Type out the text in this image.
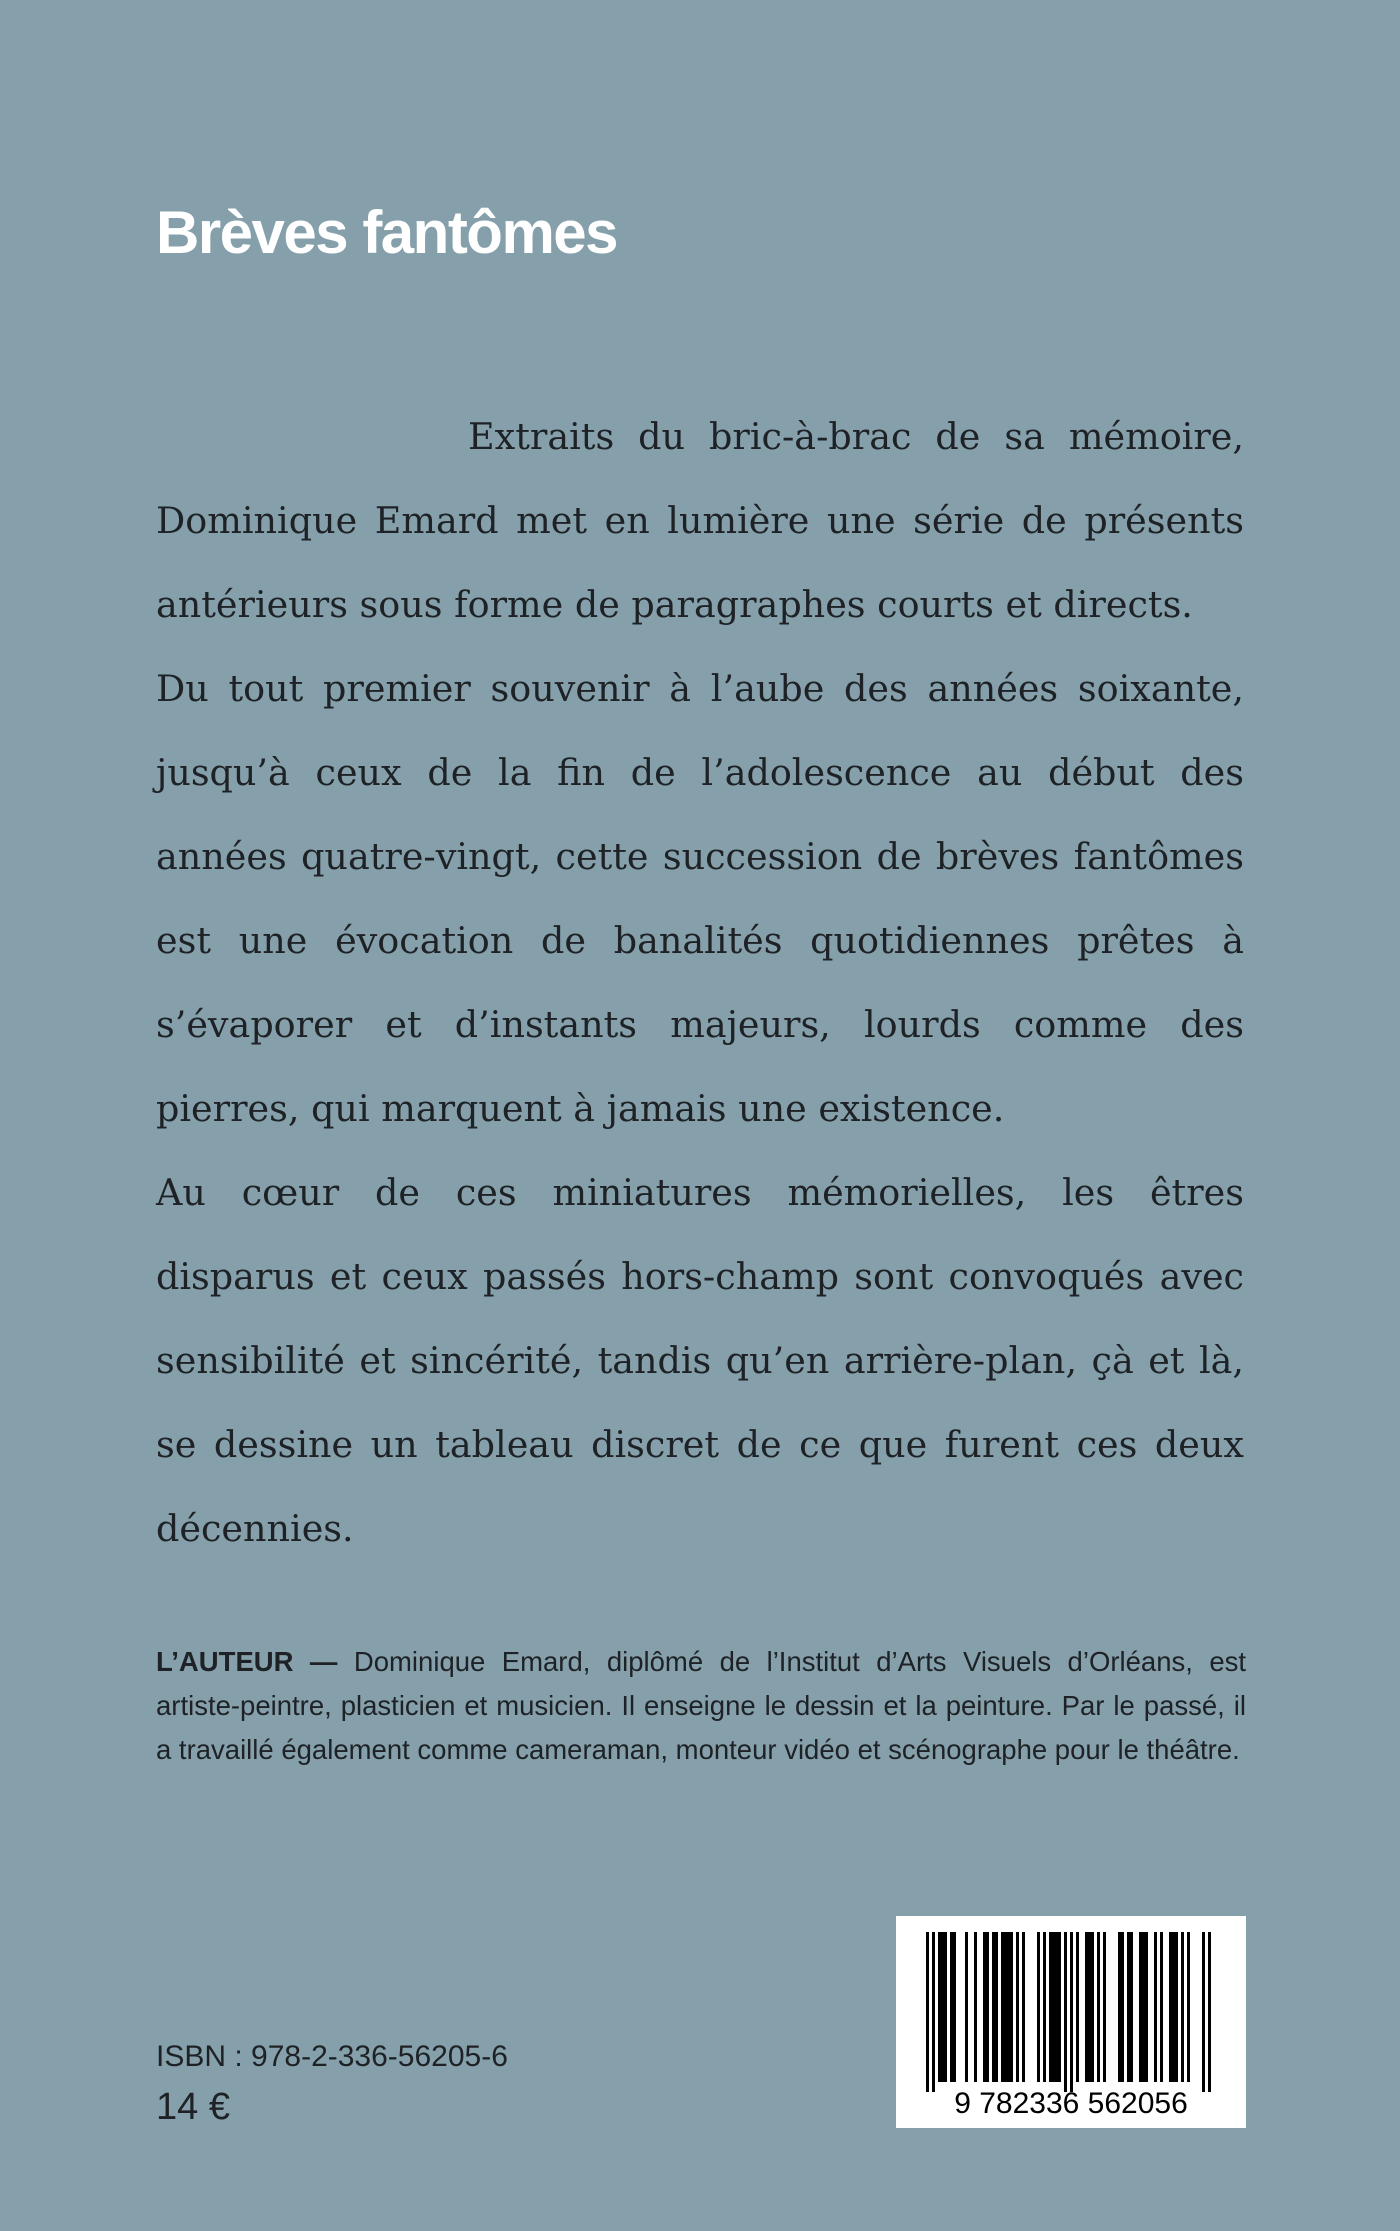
Brèves fantômes

Extraits du bric-à-brac de sa mémoire, Dominique Emard met en lumière une série de présents antérieurs sous forme de paragraphes courts et directs.

Du tout premier souvenir à l’aube des années soixante, jusqu’à ceux de la fin de l’adolescence au début des années quatre-vingt, cette succession de brèves fantômes est une évocation de banalités quotidiennes prêtes à s’évaporer et d’instants majeurs, lourds comme des pierres, qui marquent à jamais une existence.

Au cœur de ces miniatures mémorielles, les êtres disparus et ceux passés hors-champ sont convoqués avec sensibilité et sincérité, tandis qu’en arrière-plan, çà et là, se dessine un tableau discret de ce que furent ces deux décennies.

L’AUTEUR — Dominique Emard, diplômé de l’Institut d’Arts Visuels d’Orléans, est artiste-peintre, plasticien et musicien. Il enseigne le dessin et la peinture. Par le passé, il a travaillé également comme cameraman, monteur vidéo et scénographe pour le théâtre.
ISBN : 978-2-336-56205-6
14 €	9 782336 562056
